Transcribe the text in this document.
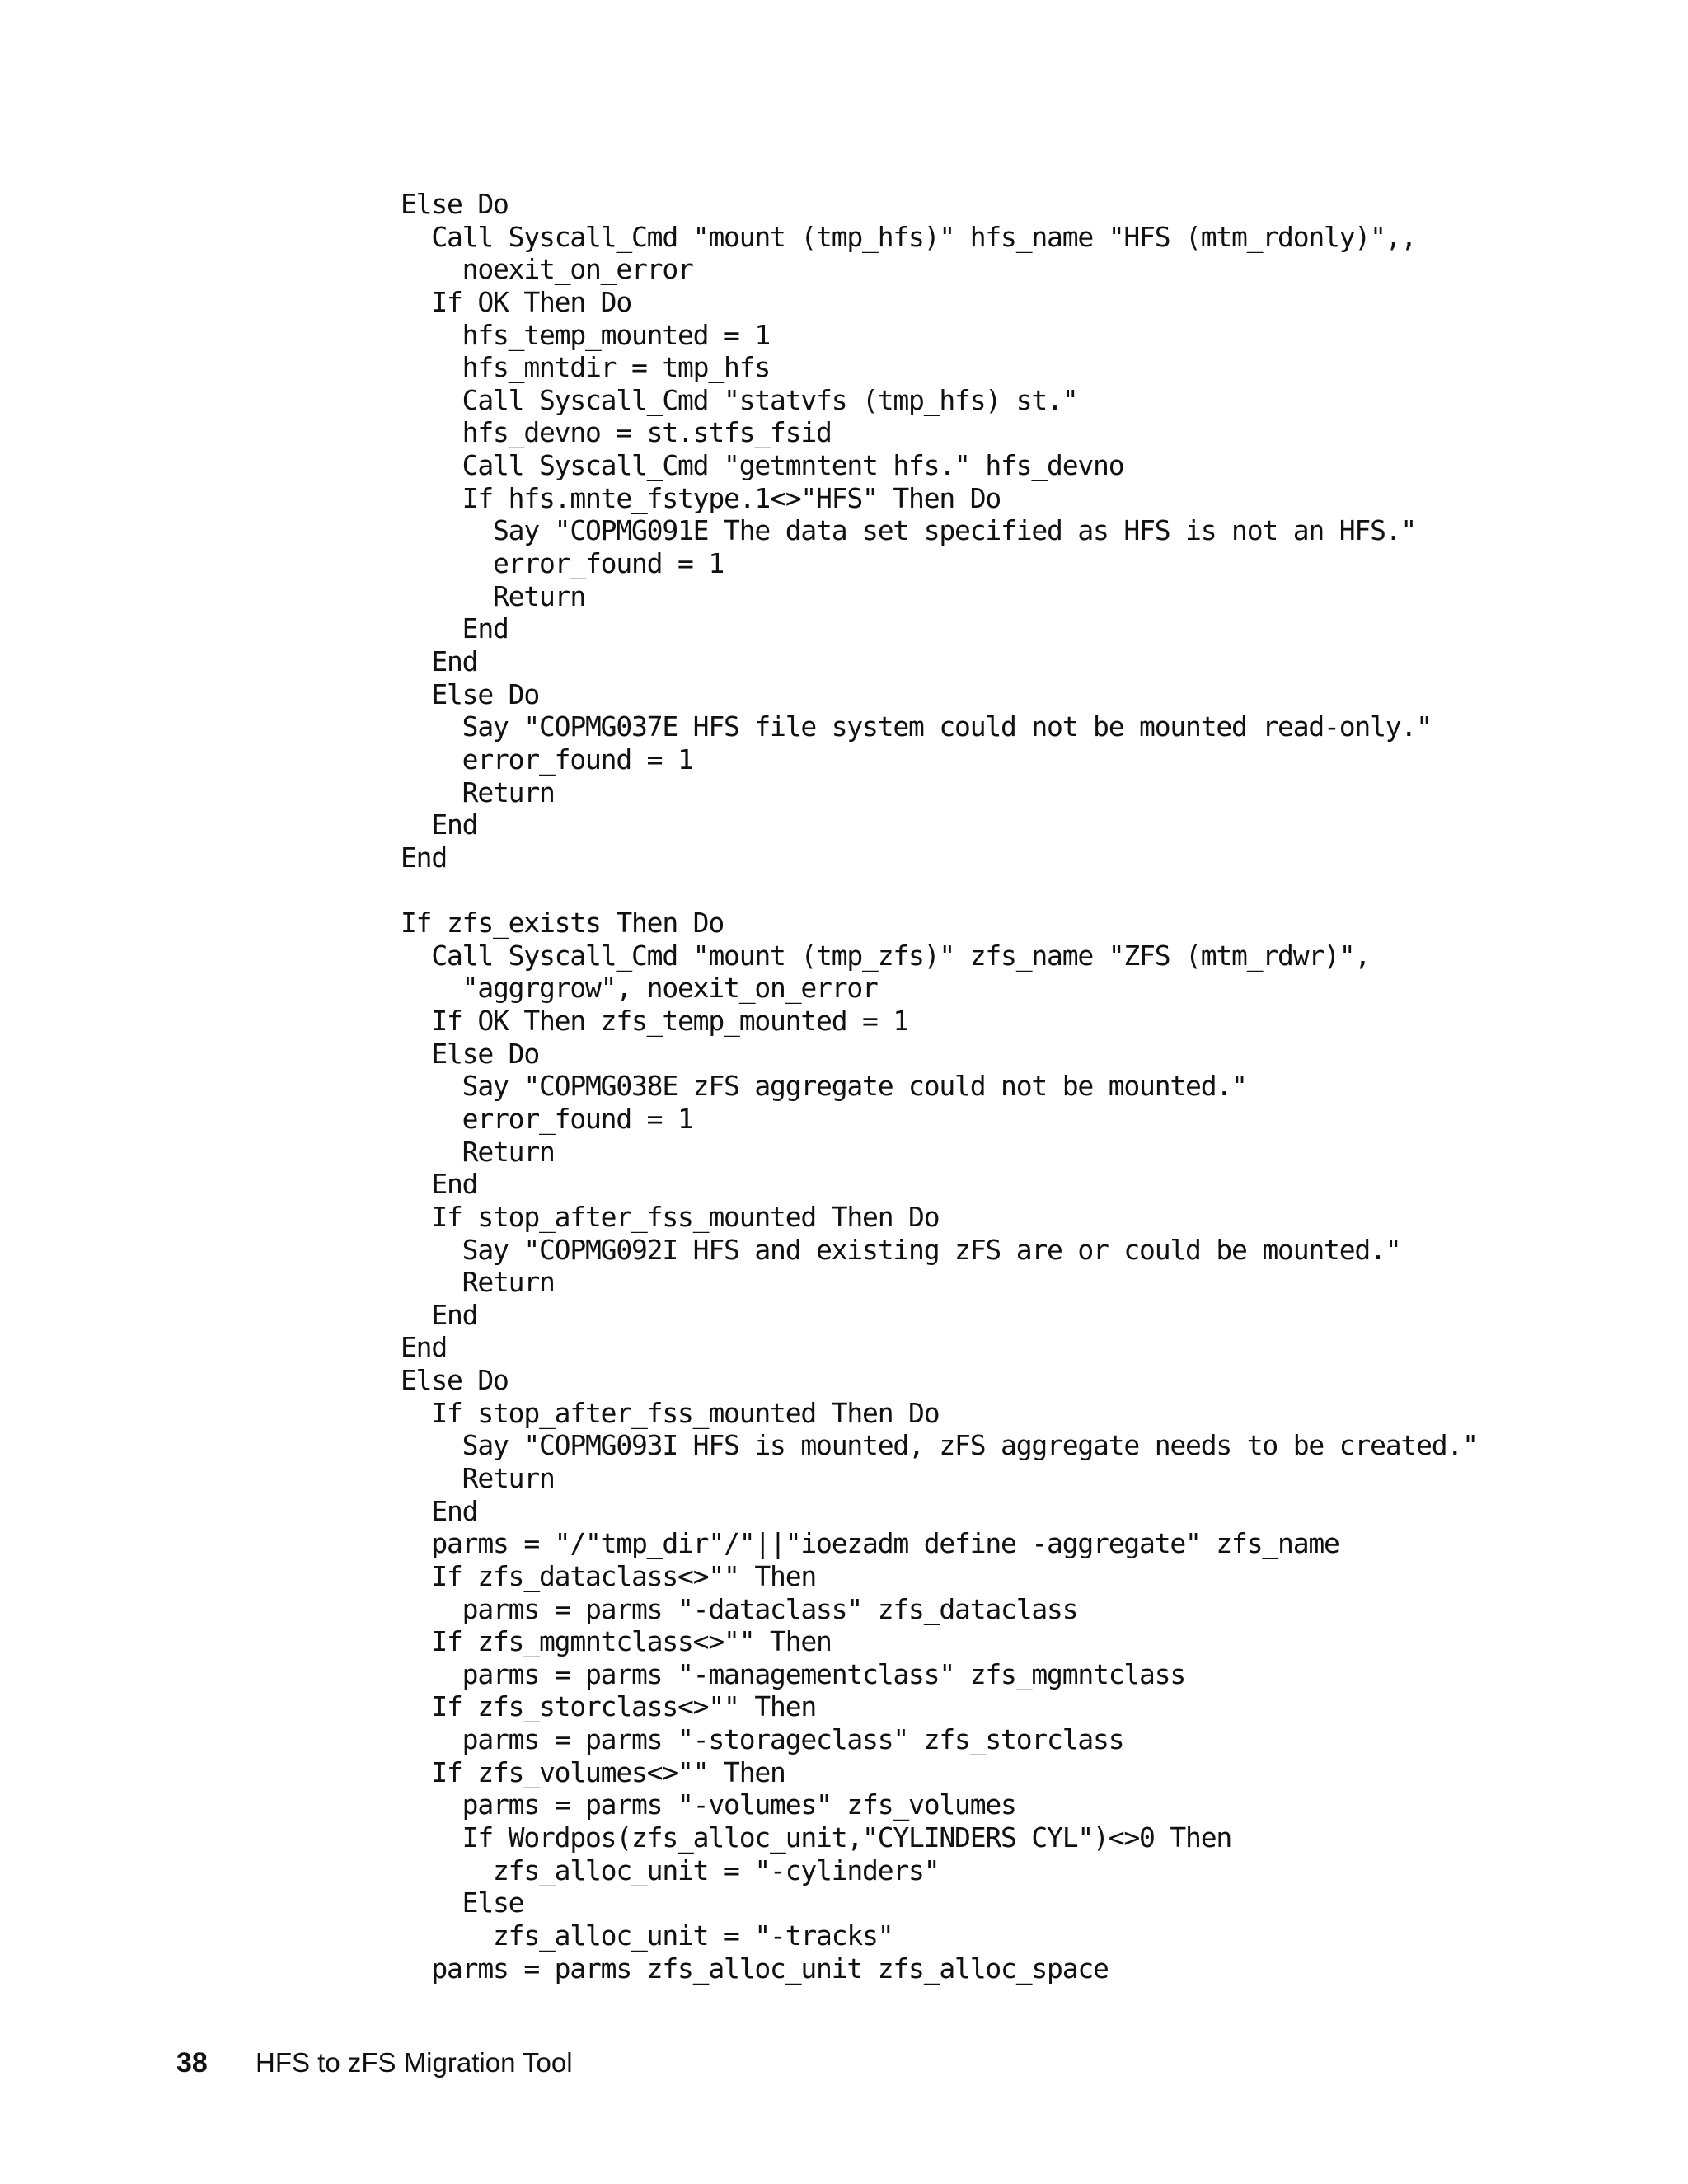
Else Do
Call Syscall_Cmd "mount (tmp_hfs)" hfs_name "HFS (mtm_rdonly)",,
noexit_on_error
If OK Then Do
hfs_temp_mounted = 1
hfs_mntdir = tmp_hfs
Call Syscall_Cmd "statvfs (tmp_hfs) st."
hfs_devno = st.stfs_fsid
Call Syscall_Cmd "getmntent hfs." hfs_devno
If hfs.mnte_fstype.1<>"HFS" Then Do
Say "COPMG091E The data set specified as HFS is not an HFS."
error_found = 1
Return
End
End
Else Do
Say "COPMG037E HFS file system could not be mounted read-only."
error_found = 1
Return
End
End
If zfs_exists Then Do
Call Syscall_Cmd "mount (tmp_zfs)" zfs_name "ZFS (mtm_rdwr)",
"aggrgrow", noexit_on_error
If OK Then zfs_temp_mounted = 1
Else Do
Say "COPMG038E zFS aggregate could not be mounted."
error_found = 1
Return
End
If stop_after_fss_mounted Then Do
Say "COPMG092I HFS and existing zFS are or could be mounted."
Return
End
End
Else Do
If stop_after_fss_mounted Then Do
Say "COPMG093I HFS is mounted, zFS aggregate needs to be created."
Return
End
parms = "/"tmp_dir"/"||"ioezadm define -aggregate" zfs_name
If zfs_dataclass<>"" Then
parms = parms "-dataclass" zfs_dataclass
If zfs_mgmntclass<>"" Then
parms = parms "-managementclass" zfs_mgmntclass
If zfs_storclass<>"" Then
parms = parms "-storageclass" zfs_storclass
If zfs_volumes<>"" Then
parms = parms "-volumes" zfs_volumes
If Wordpos(zfs_alloc_unit,"CYLINDERS CYL")<>0 Then
zfs_alloc_unit = "-cylinders"
Else
zfs_alloc_unit = "-tracks"
parms = parms zfs_alloc_unit zfs_alloc_space
38 HFS to zFS Migration Tool
